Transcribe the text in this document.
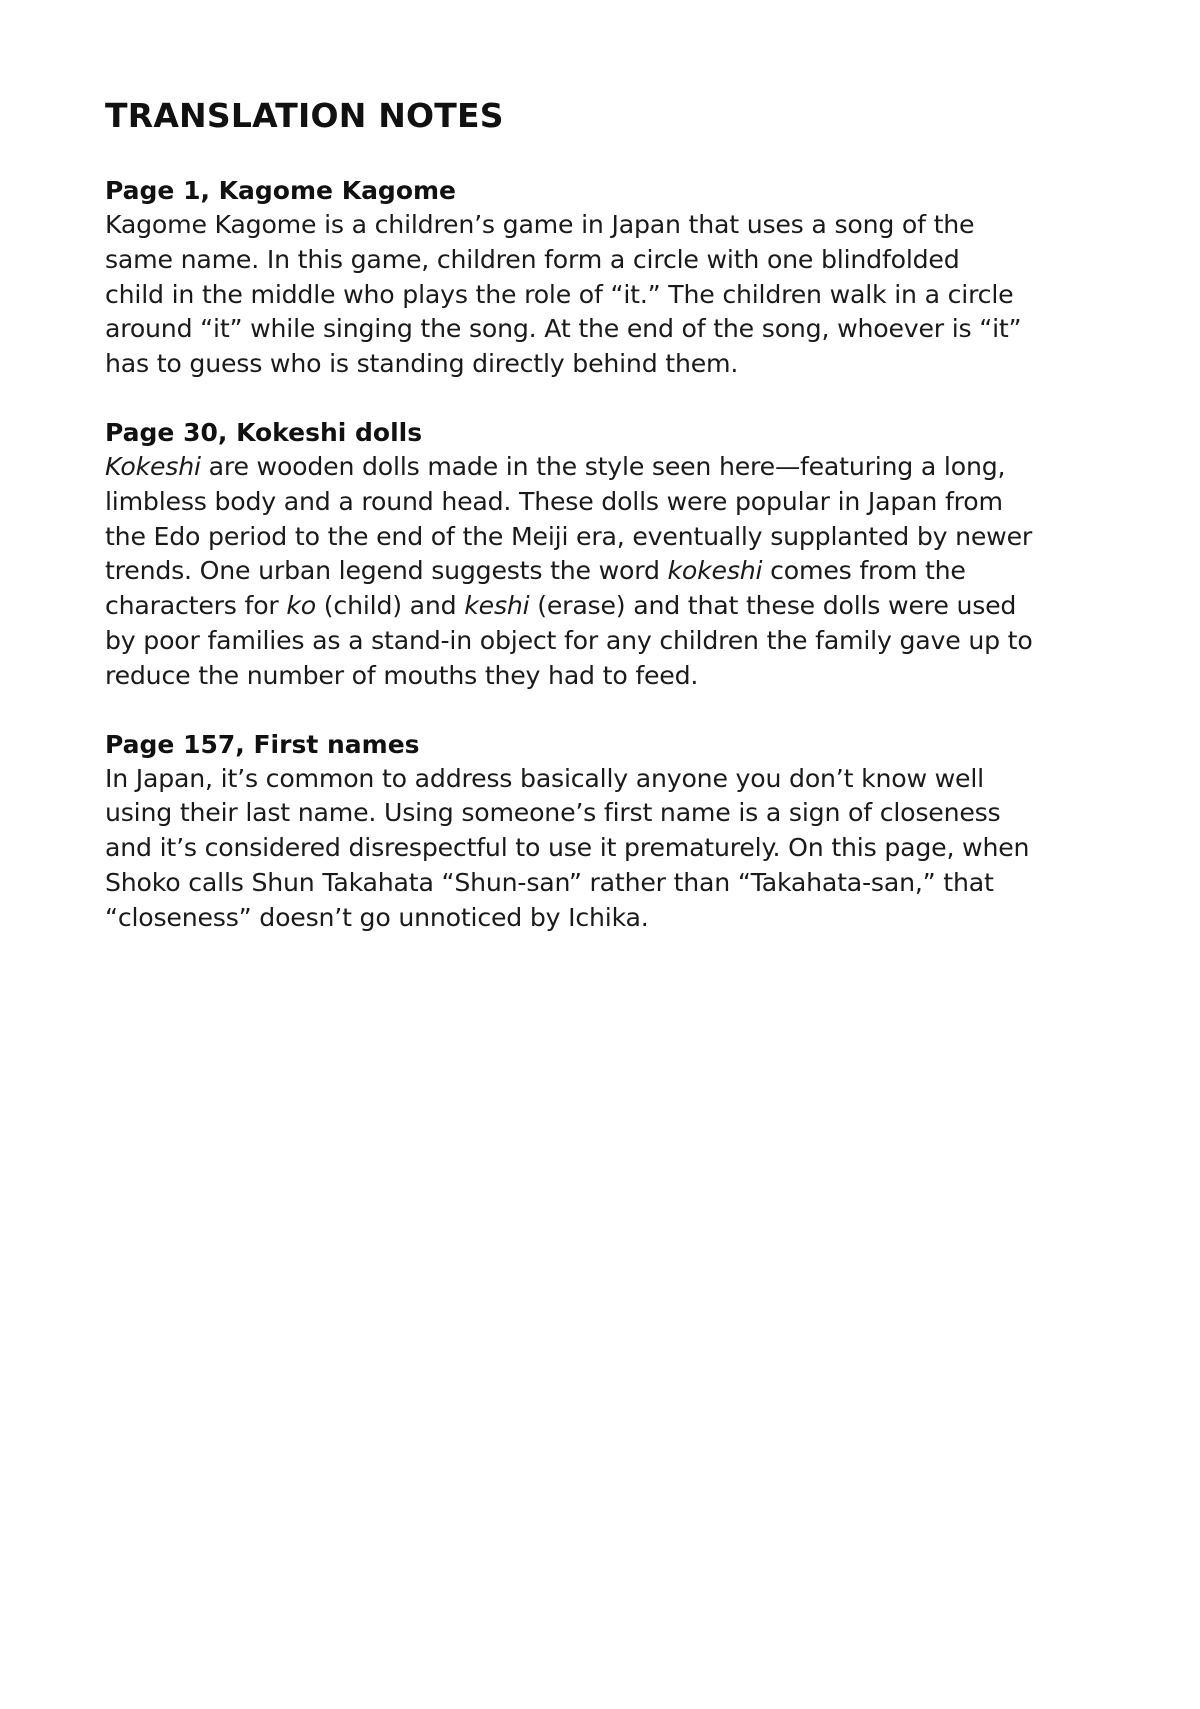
TRANSLATION NOTES
Page 1, Kagome Kagome

Kagome Kagome is a children’s game in Japan that uses a song of the
same name. In this game, children form a circle with one blindfolded
child in the middle who plays the role of “it.” The children walk in a circle
around “it” while singing the song. At the end of the song, whoever is “it”
has to guess who is standing directly behind them.

Page 30, Kokeshi dolls

Kokeshi are wooden dolls made in the style seen here—featuring a long,
limbless body and a round head. These dolls were popular in Japan from
the Edo period to the end of the Meiji era, eventually supplanted by newer
trends. One urban legend suggests the word kokeshi comes from the
characters for ko (child) and keshi (erase) and that these dolls were used
by poor families as a stand-in object for any children the family gave up to
reduce the number of mouths they had to feed.

Page 157, First names

In Japan, it’s common to address basically anyone you don’t know well
using their last name. Using someone’s first name is a sign of closeness
and it’s considered disrespectful to use it prematurely. On this page, when
Shoko calls Shun Takahata “Shun-san” rather than “Takahata-san,” that
“closeness” doesn’t go unnoticed by Ichika.
